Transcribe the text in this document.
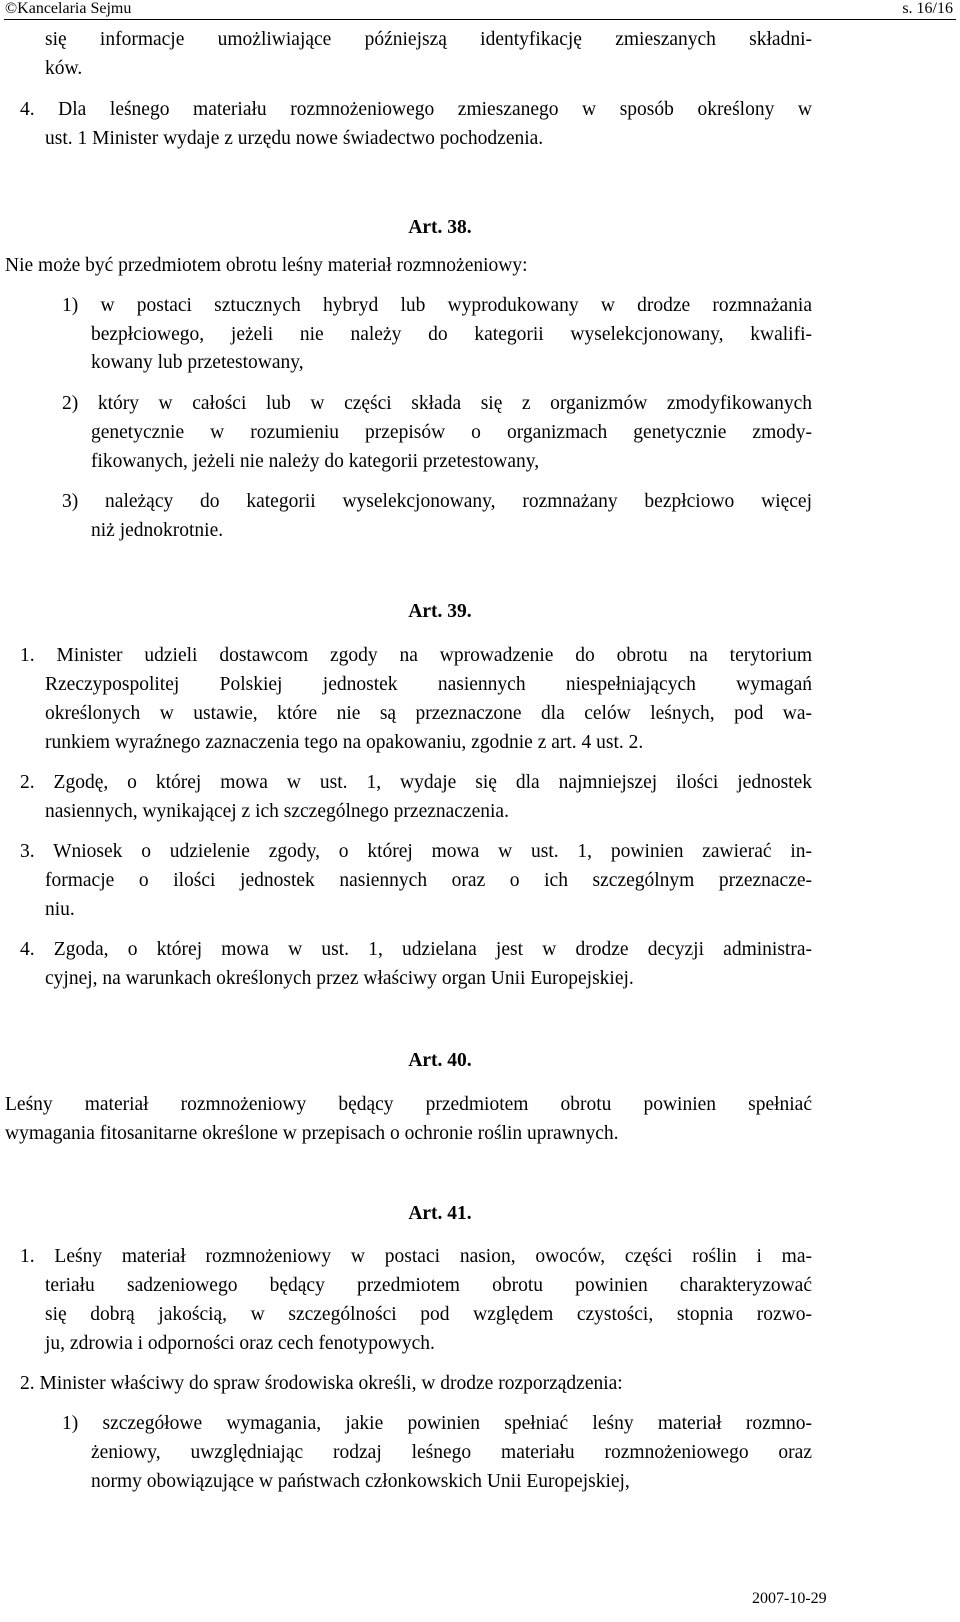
©Kancelaria Sejmu	s. 16/16
się informacje umożliwiające późniejszą identyfikację zmieszanych składni-
ków.
4. Dla leśnego materiału rozmnożeniowego zmieszanego w sposób określony w
ust. 1 Minister wydaje z urzędu nowe świadectwo pochodzenia.
Art. 38.
Nie może być przedmiotem obrotu leśny materiał rozmnożeniowy:
1) w postaci sztucznych hybryd lub wyprodukowany w drodze rozmnażania
bezpłciowego, jeżeli nie należy do kategorii wyselekcjonowany, kwalifi-
kowany lub przetestowany,
2) który w całości lub w części składa się z organizmów zmodyfikowanych
genetycznie w rozumieniu przepisów o organizmach genetycznie zmody-
fikowanych, jeżeli nie należy do kategorii przetestowany,
3) należący do kategorii wyselekcjonowany, rozmnażany bezpłciowo więcej
niż jednokrotnie.
Art. 39.
1. Minister udzieli dostawcom zgody na wprowadzenie do obrotu na terytorium
Rzeczypospolitej Polskiej jednostek nasiennych niespełniających wymagań
określonych w ustawie, które nie są przeznaczone dla celów leśnych, pod wa-
runkiem wyraźnego zaznaczenia tego na opakowaniu, zgodnie z art. 4 ust. 2.
2. Zgodę, o której mowa w ust. 1, wydaje się dla najmniejszej ilości jednostek
nasiennych, wynikającej z ich szczególnego przeznaczenia.
3. Wniosek o udzielenie zgody, o której mowa w ust. 1, powinien zawierać in-
formacje o ilości jednostek nasiennych oraz o ich szczególnym przeznacze-
niu.
4. Zgoda, o której mowa w ust. 1, udzielana jest w drodze decyzji administra-
cyjnej, na warunkach określonych przez właściwy organ Unii Europejskiej.
Art. 40.
Leśny materiał rozmnożeniowy będący przedmiotem obrotu powinien spełniać
wymagania fitosanitarne określone w przepisach o ochronie roślin uprawnych.
Art. 41.
1. Leśny materiał rozmnożeniowy w postaci nasion, owoców, części roślin i ma-
teriału sadzeniowego będący przedmiotem obrotu powinien charakteryzować
się dobrą jakością, w szczególności pod względem czystości, stopnia rozwo-
ju, zdrowia i odporności oraz cech fenotypowych.
2. Minister właściwy do spraw środowiska określi, w drodze rozporządzenia:
1) szczegółowe wymagania, jakie powinien spełniać leśny materiał rozmno-
żeniowy, uwzględniając rodzaj leśnego materiału rozmnożeniowego oraz
normy obowiązujące w państwach członkowskich Unii Europejskiej,
2007-10-29
